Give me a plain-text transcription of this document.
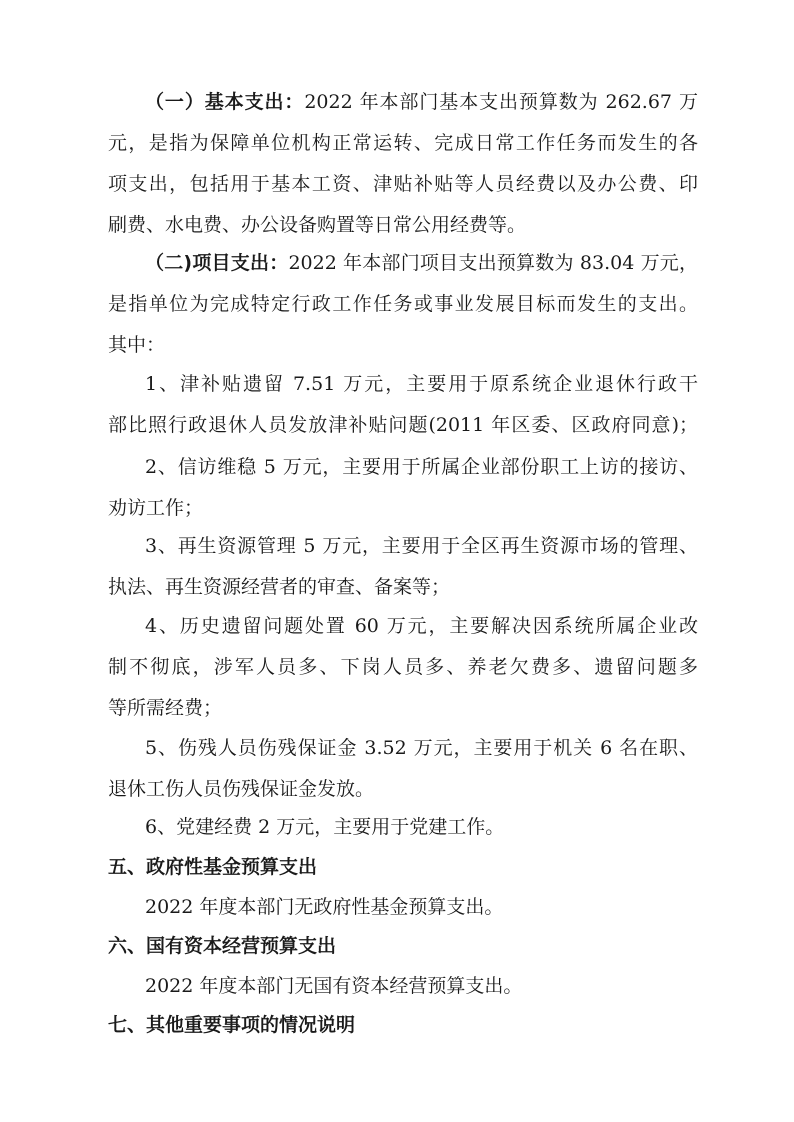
（一）基本支出：2022 年本部门基本支出预算数为 262.67 万
元，是指为保障单位机构正常运转、完成日常工作任务而发生的各
项支出，包括用于基本工资、津贴补贴等人员经费以及办公费、印
刷费、水电费、办公设备购置等日常公用经费等。
（二)项目支出：2022 年本部门项目支出预算数为 83.04 万元，
是指单位为完成特定行政工作任务或事业发展目标而发生的支出。
其中：
1、津补贴遗留 7.51 万元，主要用于原系统企业退休行政干
部比照行政退休人员发放津补贴问题(2011 年区委、区政府同意)；
2、信访维稳 5 万元，主要用于所属企业部份职工上访的接访、
劝访工作；
3、再生资源管理 5 万元，主要用于全区再生资源市场的管理、
执法、再生资源经营者的审查、备案等；
4、历史遗留问题处置 60 万元，主要解决因系统所属企业改
制不彻底，涉军人员多、下岗人员多、养老欠费多、遗留问题多
等所需经费；
5、伤残人员伤残保证金 3.52 万元，主要用于机关 6 名在职、
退休工伤人员伤残保证金发放。
6、党建经费 2 万元，主要用于党建工作。
五、政府性基金预算支出
2022 年度本部门无政府性基金预算支出。
六、国有资本经营预算支出
2022 年度本部门无国有资本经营预算支出。
七、其他重要事项的情况说明
